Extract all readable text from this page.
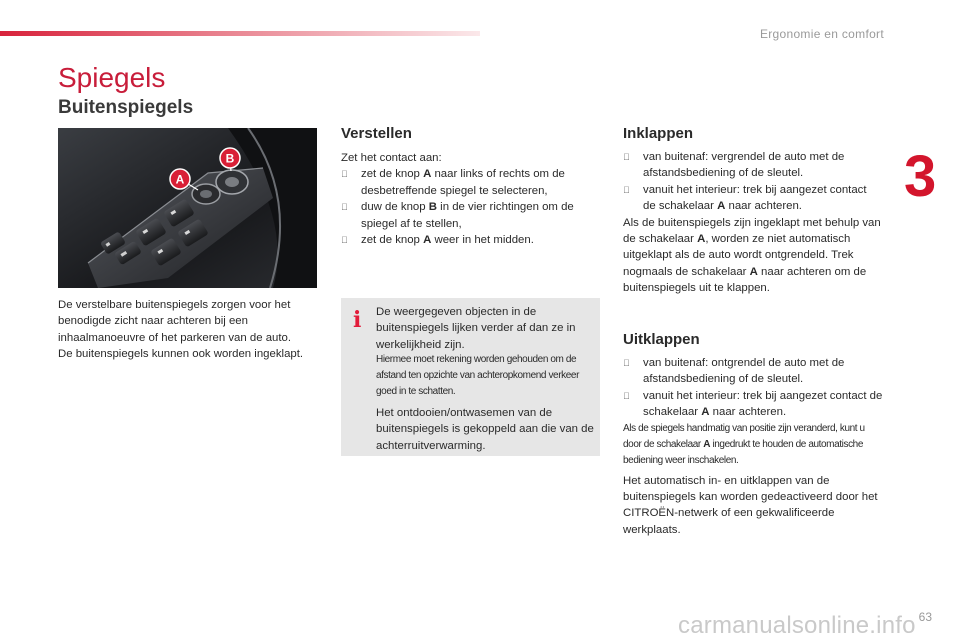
Ergonomie en comfort
3
Spiegels
Buitenspiegels
A
B
De verstelbare buitenspiegels zorgen voor het benodigde zicht naar achteren bij een inhaalmanoeuvre of het parkeren van de auto. De buitenspiegels kunnen ook worden ingeklapt.
Verstellen
Zet het contact aan:
zet de knop A naar links of rechts om de desbetreffende spiegel te selecteren,
duw de knop B in de vier richtingen om de spiegel af te stellen,
zet de knop A weer in het midden.
i De weergegeven objecten in de buitenspiegels lijken verder af dan ze in werkelijkheid zijn.
Hiermee moet rekening worden gehouden om de afstand ten opzichte van achteropkomend verkeer goed in te schatten.
Het ontdooien/ontwasemen van de buitenspiegels is gekoppeld aan die van de achterruitverwarming.
Inklappen
van buitenaf: vergrendel de auto met de afstandsbediening of de sleutel.
vanuit het interieur: trek bij aangezet contact de schakelaar A naar achteren.
Als de buitenspiegels zijn ingeklapt met behulp van de schakelaar A, worden ze niet automatisch uitgeklapt als de auto wordt ontgrendeld. Trek nogmaals de schakelaar A naar achteren om de buitenspiegels uit te klappen.
Uitklappen
van buitenaf: ontgrendel de auto met de afstandsbediening of de sleutel.
vanuit het interieur: trek bij aangezet contact de schakelaar A naar achteren.
Als de spiegels handmatig van positie zijn veranderd, kunt u door de schakelaar A ingedrukt te houden de automatische bediening weer inschakelen.
Het automatisch in- en uitklappen van de buitenspiegels kan worden gedeactiveerd door het CITROËN-netwerk of een gekwalificeerde werkplaats.
63
carmanualsonline.info
